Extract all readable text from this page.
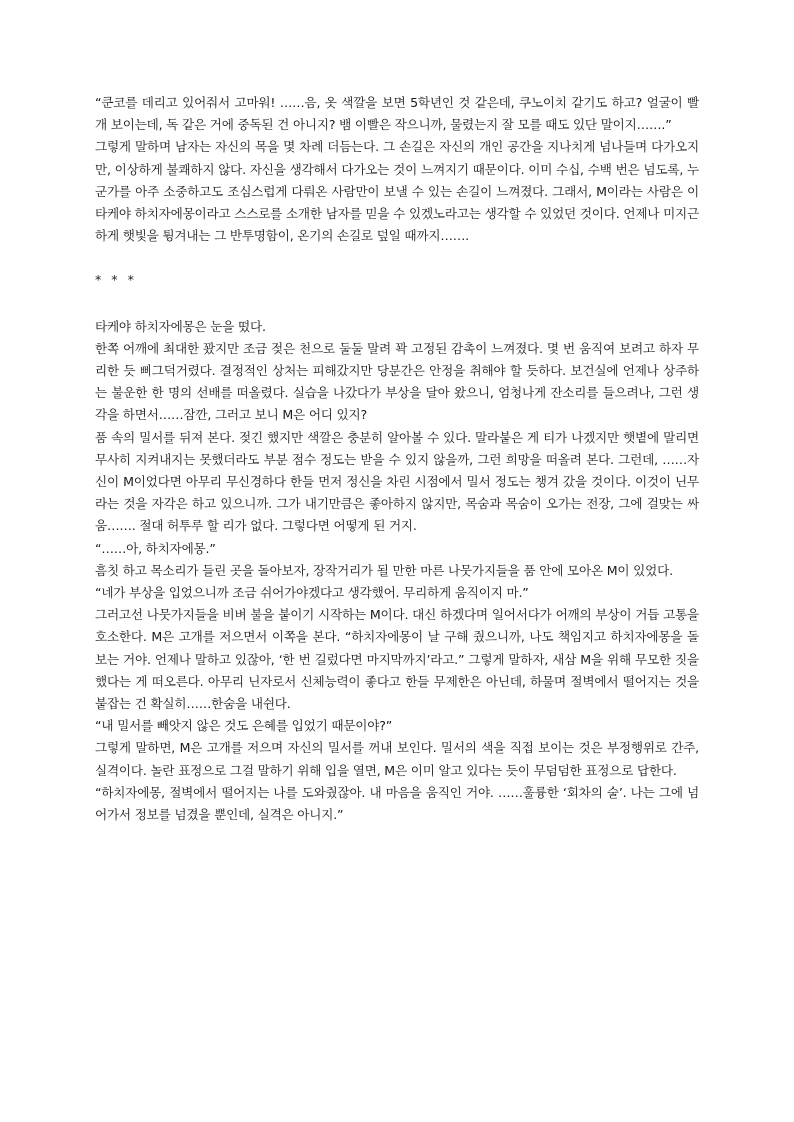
“쿤코를 데리고 있어줘서 고마워! ……음, 옷 색깔을 보면 5학년인 것 같은데, 쿠노이치 같기도 하고? 얼굴이 빨개 보이는데, 독 같은 거에 중독된 건 아니지? 뱀 이빨은 작으니까, 물렸는지 잘 모를 때도 있단 말이지…….”

그렇게 말하며 남자는 자신의 목을 몇 차례 더듬는다. 그 손길은 자신의 개인 공간을 지나치게 넘나들며 다가오지만, 이상하게 불쾌하지 않다. 자신을 생각해서 다가오는 것이 느껴지기 때문이다. 이미 수십, 수백 번은 넘도록, 누군가를 아주 소중하고도 조심스럽게 다뤄온 사람만이 보낼 수 있는 손길이 느껴졌다. 그래서, M이라는 사람은 이 타케야 하치자에몽이라고 스스로를 소개한 남자를 믿을 수 있겠노라고는 생각할 수 있었던 것이다. 언제나 미지근하게 햇빛을 튕겨내는 그 반투명함이, 온기의 손길로 덮일 때까지…….

* * *

타케야 하치자에몽은 눈을 떴다.

한쪽 어깨에 최대한 꽜지만 조금 젖은 천으로 둘둘 말려 꽉 고정된 감촉이 느껴졌다. 몇 번 움직여 보려고 하자 무리한 듯 삐그덕거렸다. 결정적인 상처는 피해갔지만 당분간은 안정을 취해야 할 듯하다. 보건실에 언제나 상주하는 불운한 한 명의 선배를 떠올렸다. 실습을 나갔다가 부상을 달아 왔으니, 엄청나게 잔소리를 들으려나, 그런 생각을 하면서……잠깐, 그러고 보니 M은 어디 있지?

품 속의 밀서를 뒤져 본다. 젖긴 했지만 색깔은 충분히 알아볼 수 있다. 말라붙은 게 티가 나겠지만 햇볕에 말리면 무사히 지켜내지는 못했더라도 부분 점수 정도는 받을 수 있지 않을까, 그런 희망을 떠올려 본다. 그런데, ……자신이 M이었다면 아무리 무신경하다 한들 먼저 정신을 차린 시점에서 밀서 정도는 챙겨 갔을 것이다. 이것이 닌무라는 것을 자각은 하고 있으니까. 그가 내기만큼은 좋아하지 않지만, 목숨과 목숨이 오가는 전장, 그에 걸맞는 싸움……. 절대 허투루 할 리가 없다. 그렇다면 어떻게 된 거지.

“……아, 하치자에몽.”

흠칫 하고 목소리가 들린 곳을 돌아보자, 장작거리가 될 만한 마른 나뭇가지들을 품 안에 모아온 M이 있었다.

“네가 부상을 입었으니까 조금 쉬어가야겠다고 생각했어. 무리하게 움직이지 마.”

그러고선 나뭇가지들을 비벼 불을 붙이기 시작하는 M이다. 대신 하겠다며 일어서다가 어깨의 부상이 거듭 고통을 호소한다. M은 고개를 저으면서 이쪽을 본다. “하치자에몽이 날 구해 줬으니까, 나도 책임지고 하치자에몽을 돌보는 거야. 언제나 말하고 있잖아, ‘한 번 길렀다면 마지막까지’라고.” 그렇게 말하자, 새삼 M을 위해 무모한 짓을 했다는 게 떠오른다. 아무리 닌자로서 신체능력이 좋다고 한들 무제한은 아닌데, 하물며 절벽에서 떨어지는 것을 붙잡는 건 확실히……한숨을 내쉰다.

“내 밀서를 빼앗지 않은 것도 은혜를 입었기 때문이야?”

그렇게 말하면, M은 고개를 저으며 자신의 밀서를 꺼내 보인다. 밀서의 색을 직접 보이는 것은 부정행위로 간주, 실격이다. 놀란 표정으로 그걸 말하기 위해 입을 열면, M은 이미 알고 있다는 듯이 무덤덤한 표정으로 답한다.

“하치자에몽, 절벽에서 떨어지는 나를 도와줬잖아. 내 마음을 움직인 거야. ……훌륭한 ‘회차의 술’. 나는 그에 넘어가서 정보를 넘겼을 뿐인데, 실격은 아니지.”
